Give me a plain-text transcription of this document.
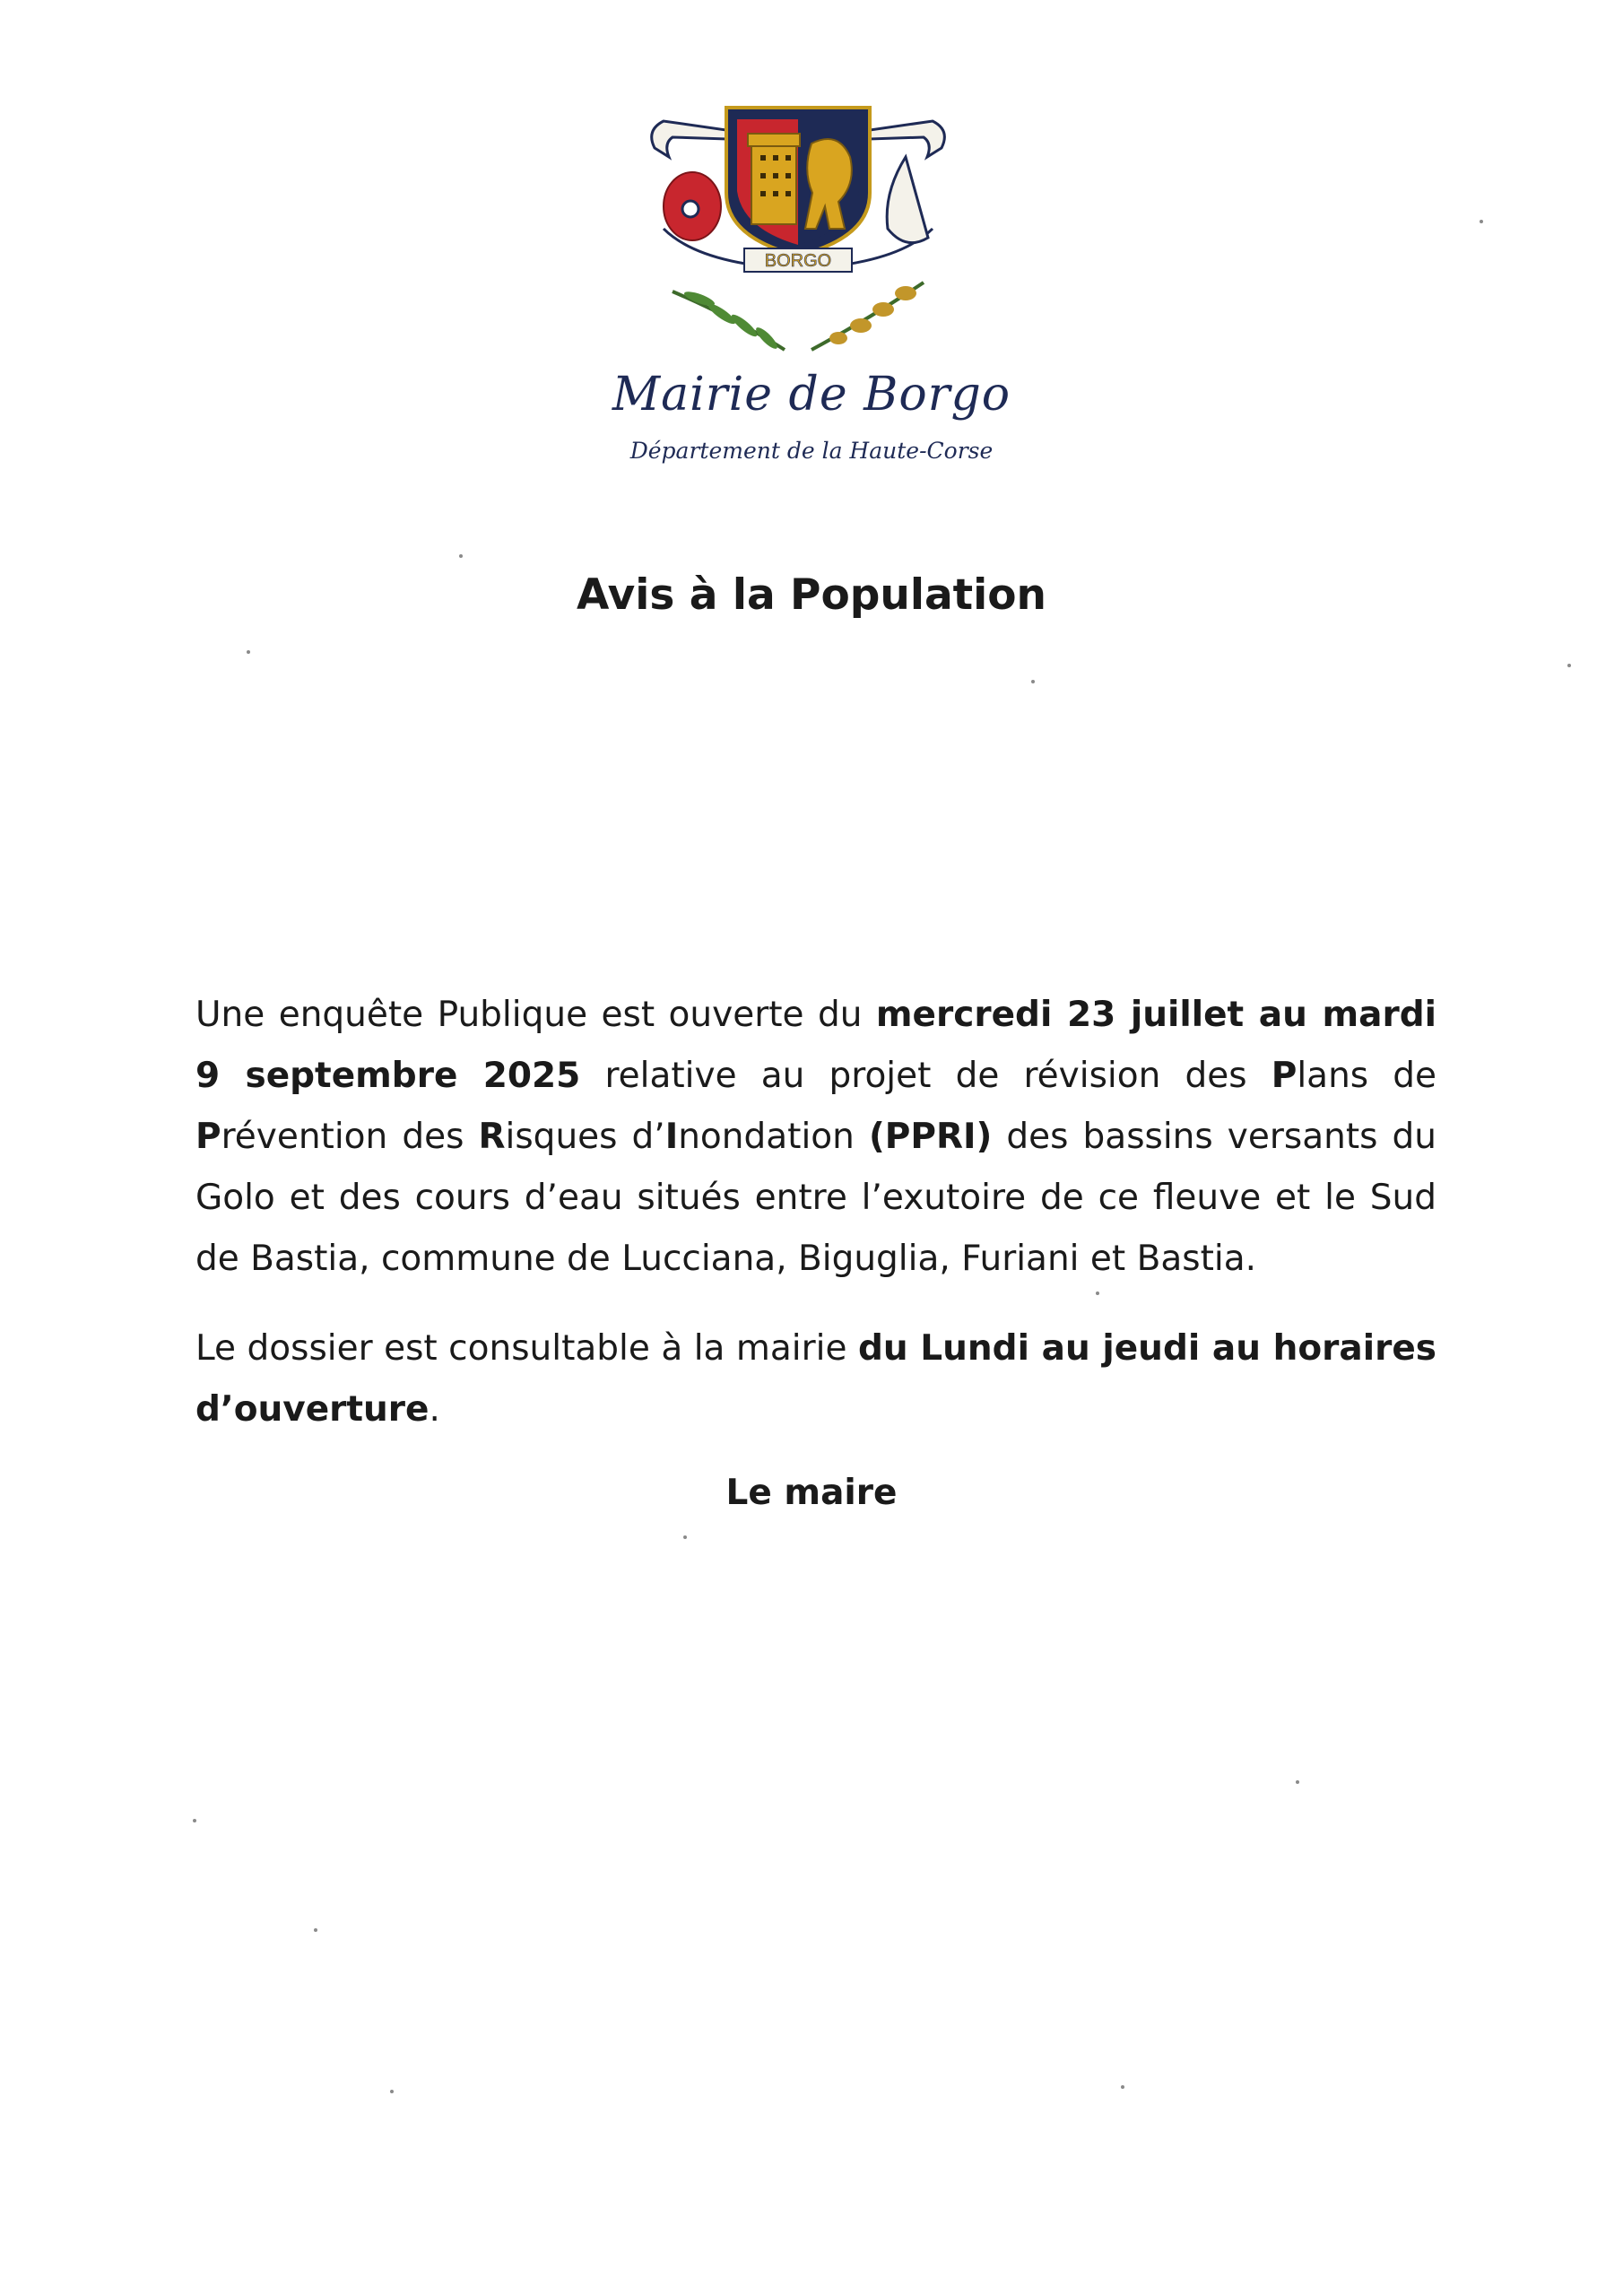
BORGO
Mairie de Borgo
Département de la Haute-Corse
Avis à la Population
Une enquête Publique est ouverte du mercredi 23 juillet au mardi 9 septembre 2025 relative au projet de révision des Plans de Prévention des Risques d’Inondation (PPRI) des bassins versants du Golo et des cours d’eau situés entre l’exutoire de ce fleuve et le Sud de Bastia, commune de Lucciana, Biguglia, Furiani et Bastia.
Le dossier est consultable à la mairie du Lundi au jeudi au horaires d’ouverture.
Le maire
